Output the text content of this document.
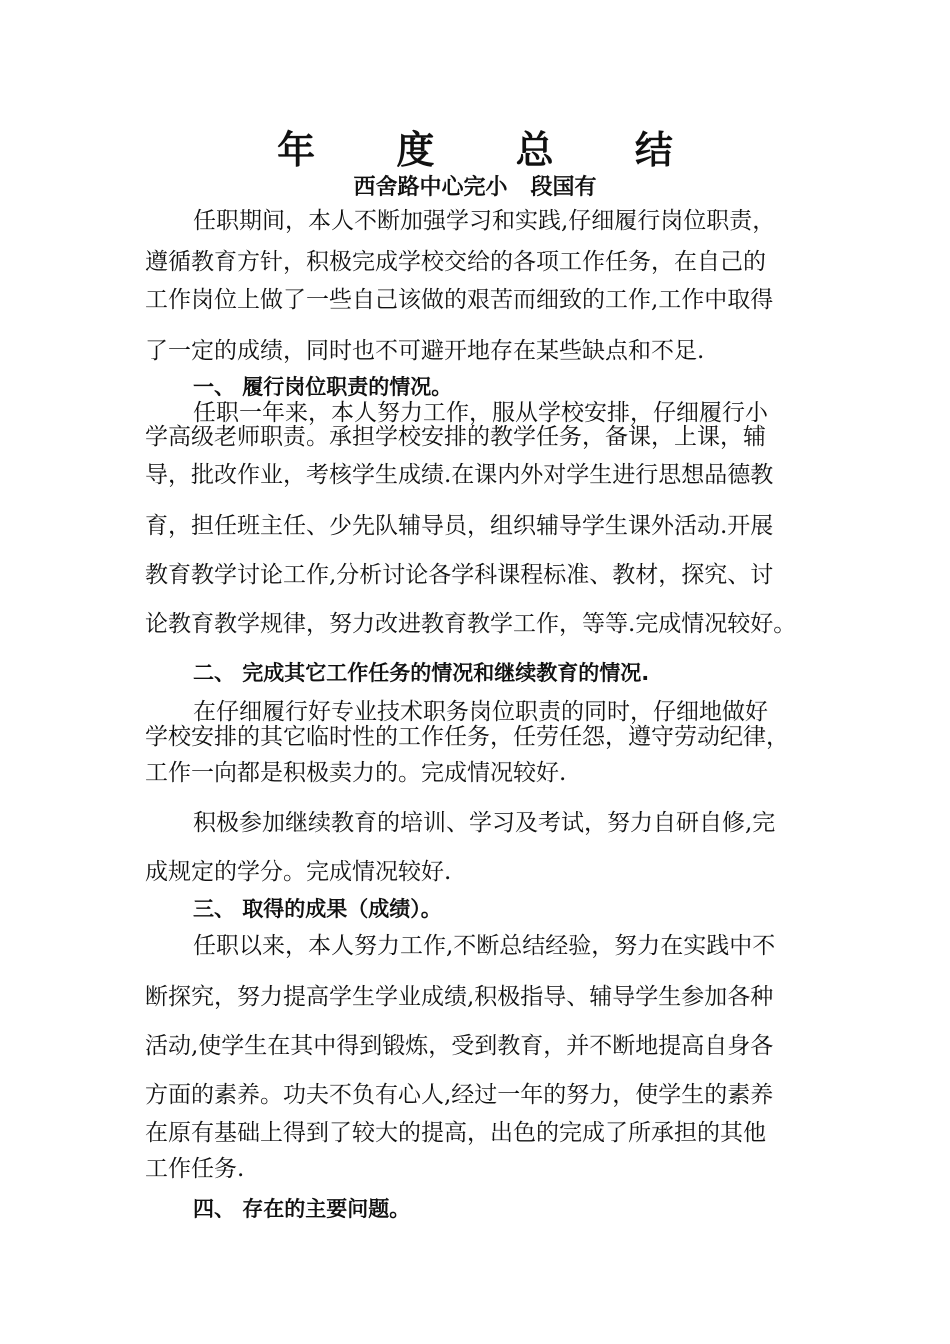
年 度 总 结
西舍路中心完小   段国有
任职期间，本人不断加强学习和实践,仔细履行岗位职责，
遵循教育方针，积极完成学校交给的各项工作任务，在自己的
工作岗位上做了一些自己该做的艰苦而细致的工作,工作中取得
了一定的成绩，同时也不可避开地存在某些缺点和不足.
一、 履行岗位职责的情况。
任职一年来，本人努力工作，服从学校安排，仔细履行小
学高级老师职责。承担学校安排的教学任务，备课，上课，辅
导，批改作业，考核学生成绩.在课内外对学生进行思想品德教
育，担任班主任、少先队辅导员，组织辅导学生课外活动.开展
教育教学讨论工作,分析讨论各学科课程标准、教材，探究、讨
论教育教学规律，努力改进教育教学工作，等等.完成情况较好。
二、 完成其它工作任务的情况和继续教育的情况.
在仔细履行好专业技术职务岗位职责的同时，仔细地做好
学校安排的其它临时性的工作任务，任劳任怨，遵守劳动纪律，
工作一向都是积极卖力的。完成情况较好.
积极参加继续教育的培训、学习及考试，努力自研自修,完
成规定的学分。完成情况较好.
三、 取得的成果（成绩）。
任职以来，本人努力工作,不断总结经验，努力在实践中不
断探究，努力提高学生学业成绩,积极指导、辅导学生参加各种
活动,使学生在其中得到锻炼，受到教育，并不断地提高自身各
方面的素养。功夫不负有心人,经过一年的努力，使学生的素养
在原有基础上得到了较大的提高，出色的完成了所承担的其他
工作任务.
四、 存在的主要问题。
